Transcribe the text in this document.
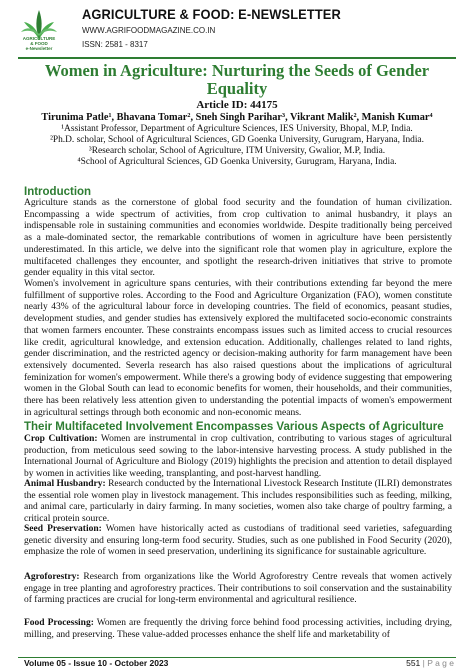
AGRICULTURE
& FOOD
e-Newsletter
AGRICULTURE & FOOD: E-NEWSLETTER
WWW.AGRIFOODMAGAZINE.CO.IN
ISSN: 2581 - 8317
Women in Agriculture: Nurturing the Seeds of Gender Equality
Article ID: 44175
Tirunima Patle¹, Bhavana Tomar², Sneh Singh Parihar³, Vikrant Malik², Manish Kumar⁴
¹Assistant Professor, Department of Agriculture Sciences, IES University, Bhopal, M.P, India.
²Ph.D. scholar, School of Agricultural Sciences, GD Goenka University, Gurugram, Haryana, India.
³Research scholar, School of Agriculture, ITM University, Gwalior, M.P, India.
⁴School of Agricultural Sciences, GD Goenka University, Gurugram, Haryana, India.
Introduction

Agriculture stands as the cornerstone of global food security and the foundation of human civilization. Encompassing a wide spectrum of activities, from crop cultivation to animal husbandry, it plays an indispensable role in sustaining communities and economies worldwide. Despite traditionally being perceived as a male-dominated sector, the remarkable contributions of women in agriculture have been persistently underestimated. In this article, we delve into the significant role that women play in agriculture, explore the multifaceted challenges they encounter, and spotlight the research-driven initiatives that strive to promote gender equality in this vital sector.

Women's involvement in agriculture spans centuries, with their contributions extending far beyond the mere fulfillment of supportive roles. According to the Food and Agriculture Organization (FAO), women constitute nearly 43% of the agricultural labour force in developing countries. The field of economics, peasant studies, development studies, and gender studies has extensively explored the multifaceted socio-economic constraints that women farmers encounter. These constraints encompass issues such as limited access to crucial resources like credit, agricultural knowledge, and extension education. Additionally, challenges related to land rights, gender discrimination, and the restricted agency or decision-making authority for farm management have been extensively documented. Severla research has also raised questions about the implications of agricultural feminization for women's empowerment. While there's a growing body of evidence suggesting that empowering women in the Global South can lead to economic benefits for women, their households, and their communities, there has been relatively less attention given to understanding the potential impacts of women's empowerment in agricultural settings through both economic and non-economic means.

Their Multifaceted Involvement Encompasses Various Aspects of Agriculture

Crop Cultivation: Women are instrumental in crop cultivation, contributing to various stages of agricultural production, from meticulous seed sowing to the labor-intensive harvesting process. A study published in the International Journal of Agriculture and Biology (2019) highlights the precision and attention to detail displayed by women in activities like weeding, transplanting, and post-harvest handling.

Animal Husbandry: Research conducted by the International Livestock Research Institute (ILRI) demonstrates the essential role women play in livestock management. This includes responsibilities such as feeding, milking, and animal care, particularly in dairy farming. In many societies, women also take charge of poultry farming, a critical protein source.

Seed Preservation: Women have historically acted as custodians of traditional seed varieties, safeguarding genetic diversity and ensuring long-term food security. Studies, such as one published in Food Security (2020), emphasize the role of women in seed preservation, underlining its significance for sustainable agriculture.

Agroforestry: Research from organizations like the World Agroforestry Centre reveals that women actively engage in tree planting and agroforestry practices. Their contributions to soil conservation and the sustainability of farming practices are crucial for long-term environmental and agricultural resilience.

Food Processing: Women are frequently the driving force behind food processing activities, including drying, milling, and preserving. These value-added processes enhance the shelf life and marketability of

Volume 05 - Issue 10 - October 2023	551 | P a g e
